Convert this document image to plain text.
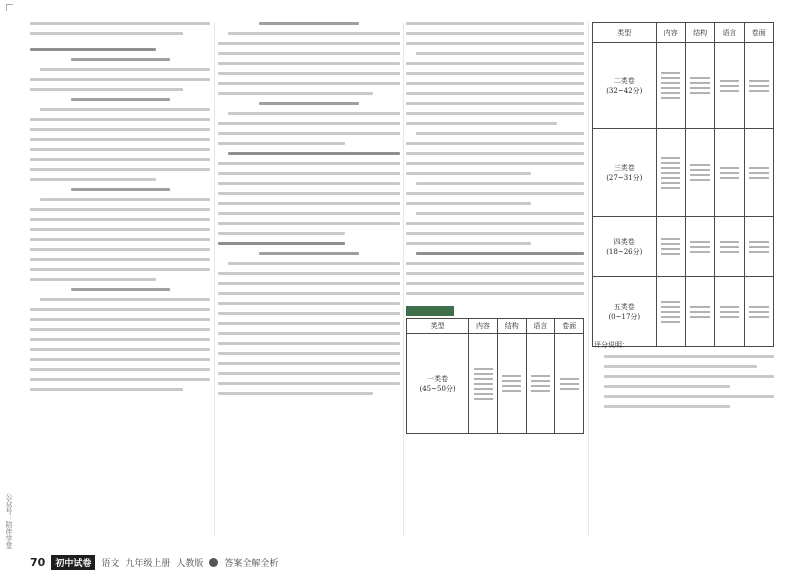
类型	内容	结构	语言	卷面

一类卷
(45~50分)				

类型	内容	结构	语言	卷面

二类卷
(32~42分)				

三类卷
(27~31分)				

四类卷
(18~26分)				

五类卷
(0~17分)				

评分说明：
公众号：陪伴学堂
70	初中试卷	语文 九年级上册 人教版 答案全解全析
